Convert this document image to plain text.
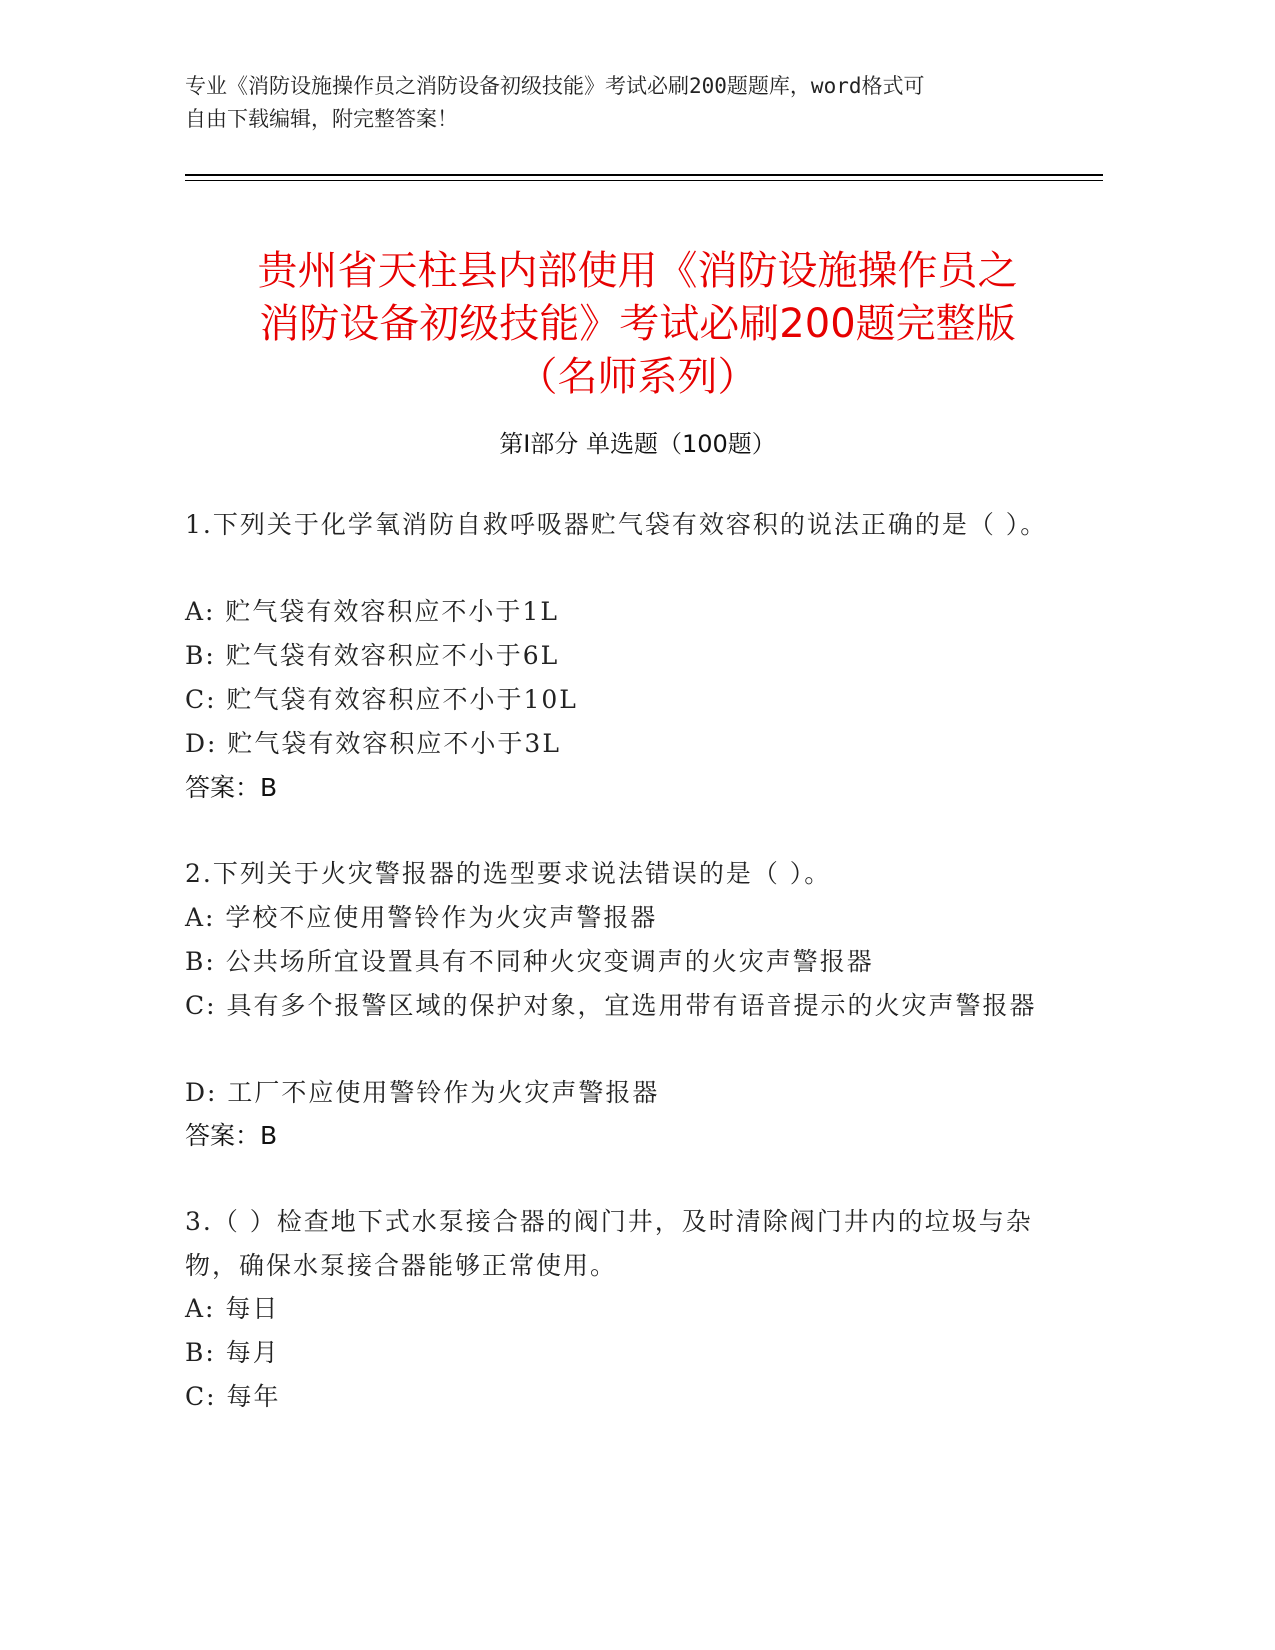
专业《消防设施操作员之消防设备初级技能》考试必刷200题题库，word格式可
自由下载编辑，附完整答案！
贵州省天柱县内部使用《消防设施操作员之
消防设备初级技能》考试必刷200题完整版
（名师系列）
第Ⅰ部分 单选题（100题）
1.下列关于化学氧消防自救呼吸器贮气袋有效容积的说法正确的是（ ）。
A: 贮气袋有效容积应不小于1L
B: 贮气袋有效容积应不小于6L
C: 贮气袋有效容积应不小于10L
D: 贮气袋有效容积应不小于3L
答案：B
2.下列关于火灾警报器的选型要求说法错误的是（ ）。
A: 学校不应使用警铃作为火灾声警报器
B: 公共场所宜设置具有不同种火灾变调声的火灾声警报器
C: 具有多个报警区域的保护对象，宜选用带有语音提示的火灾声警报器
D: 工厂不应使用警铃作为火灾声警报器
答案：B
3.（ ）检查地下式水泵接合器的阀门井，及时清除阀门井内的垃圾与杂物，确保水泵接合器能够正常使用。
A: 每日
B: 每月
C: 每年
